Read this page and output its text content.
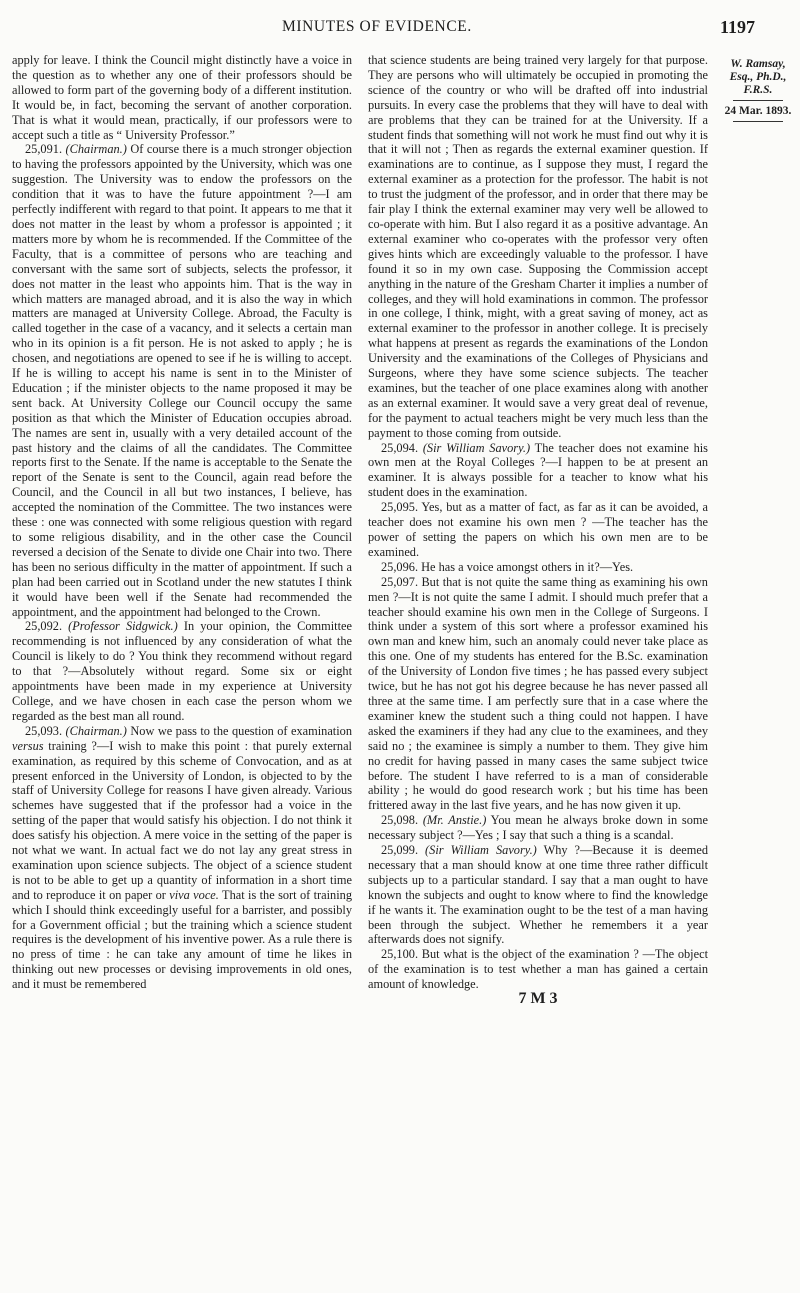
MINUTES OF EVIDENCE.	1197
W. Ramsay,
Esq., Ph.D.,
F.R.S.
24 Mar. 1893.

apply for leave. I think the Council might distinctly have a voice in the question as to whether any one of their professors should be allowed to form part of the governing body of a different institution. It would be, in fact, becoming the servant of another corporation. That is what it would mean, practically, if our professors were to accept such a title as “ University Professor.”

25,091. (Chairman.) Of course there is a much stronger objection to having the professors appointed by the University, which was one suggestion. The University was to endow the professors on the condition that it was to have the future appointment ?—I am perfectly indifferent with regard to that point. It appears to me that it does not matter in the least by whom a professor is appointed ; it matters more by whom he is recommended. If the Committee of the Faculty, that is a committee of persons who are teaching and conversant with the same sort of subjects, selects the professor, it does not matter in the least who appoints him. That is the way in which matters are managed abroad, and it is also the way in which matters are managed at University College. Abroad, the Faculty is called together in the case of a vacancy, and it selects a certain man who in its opinion is a fit person. He is not asked to apply ; he is chosen, and negotiations are opened to see if he is willing to accept. If he is willing to accept his name is sent in to the Minister of Education ; if the minister objects to the name proposed it may be sent back. At University College our Council occupy the same position as that which the Minister of Education occupies abroad. The names are sent in, usually with a very detailed account of the past history and the claims of all the candidates. The Committee reports first to the Senate. If the name is acceptable to the Senate the report of the Senate is sent to the Council, again read before the Council, and the Council in all but two instances, I believe, has accepted the nomination of the Committee. The two instances were these : one was connected with some religious question with regard to some religious disability, and in the other case the Council reversed a decision of the Senate to divide one Chair into two. There has been no serious difficulty in the matter of appointment. If such a plan had been carried out in Scotland under the new statutes I think it would have been well if the Senate had recommended the appointment, and the appointment had belonged to the Crown.

25,092. (Professor Sidgwick.) In your opinion, the Committee recommending is not influenced by any consideration of what the Council is likely to do ? You think they recommend without regard to that ?—Absolutely without regard. Some six or eight appointments have been made in my experience at University College, and we have chosen in each case the person whom we regarded as the best man all round.

25,093. (Chairman.) Now we pass to the question of examination versus training ?—I wish to make this point : that purely external examination, as required by this scheme of Convocation, and as at present enforced in the University of London, is objected to by the staff of University College for reasons I have given already. Various schemes have suggested that if the professor had a voice in the setting of the paper that would satisfy his objection. I do not think it does satisfy his objection. A mere voice in the setting of the paper is not what we want. In actual fact we do not lay any great stress in examination upon science subjects. The object of a science student is not to be able to get up a quantity of information in a short time and to reproduce it on paper or viva voce. That is the sort of training which I should think exceedingly useful for a barrister, and possibly for a Government official ; but the training which a science student requires is the development of his inventive power. As a rule there is no press of time : he can take any amount of time he likes in thinking out new processes or devising improvements in old ones, and it must be remembered

that science students are being trained very largely for that purpose. They are persons who will ultimately be occupied in promoting the science of the country or who will be drafted off into industrial pursuits. In every case the problems that they will have to deal with are problems that they can be trained for at the University. If a student finds that something will not work he must find out why it is that it will not ; Then as regards the external examiner question. If examinations are to continue, as I suppose they must, I regard the external examiner as a protection for the professor. The habit is not to trust the judgment of the professor, and in order that there may be fair play I think the external examiner may very well be allowed to co-operate with him. But I also regard it as a positive advantage. An external examiner who co-operates with the professor very often gives hints which are exceedingly valuable to the professor. I have found it so in my own case. Supposing the Commission accept anything in the nature of the Gresham Charter it implies a number of colleges, and they will hold examinations in common. The professor in one college, I think, might, with a great saving of money, act as external examiner to the professor in another college. It is precisely what happens at present as regards the examinations of the London University and the examinations of the Colleges of Physicians and Surgeons, where they have some science subjects. The teacher examines, but the teacher of one place examines along with another as an external examiner. It would save a very great deal of revenue, for the payment to actual teachers might be very much less than the payment to those coming from outside.

25,094. (Sir William Savory.) The teacher does not examine his own men at the Royal Colleges ?—I happen to be at present an examiner. It is always possible for a teacher to know what his student does in the examination.

25,095. Yes, but as a matter of fact, as far as it can be avoided, a teacher does not examine his own men ? —The teacher has the power of setting the papers on which his own men are to be examined.

25,096. He has a voice amongst others in it?—Yes.

25,097. But that is not quite the same thing as examining his own men ?—It is not quite the same I admit. I should much prefer that a teacher should examine his own men in the College of Surgeons. I think under a system of this sort where a professor examined his own man and knew him, such an anomaly could never take place as this one. One of my students has entered for the B.Sc. examination of the University of London five times ; he has passed every subject twice, but he has not got his degree because he has never passed all three at the same time. I am perfectly sure that in a case where the examiner knew the student such a thing could not happen. I have asked the examiners if they had any clue to the examinees, and they said no ; the examinee is simply a number to them. They give him no credit for having passed in many cases the same subject twice before. The student I have referred to is a man of considerable ability ; he would do good research work ; but his time has been frittered away in the last five years, and he has now given it up.

25,098. (Mr. Anstie.) You mean he always broke down in some necessary subject ?—Yes ; I say that such a thing is a scandal.

25,099. (Sir William Savory.) Why ?—Because it is deemed necessary that a man should know at one time three rather difficult subjects up to a particular standard. I say that a man ought to have known the subjects and ought to know where to find the knowledge if he wants it. The examination ought to be the test of a man having been through the subject. Whether he remembers it a year afterwards does not signify.

25,100. But what is the object of the examination ? —The object of the examination is to test whether a man has gained a certain amount of knowledge.

7 M 3
